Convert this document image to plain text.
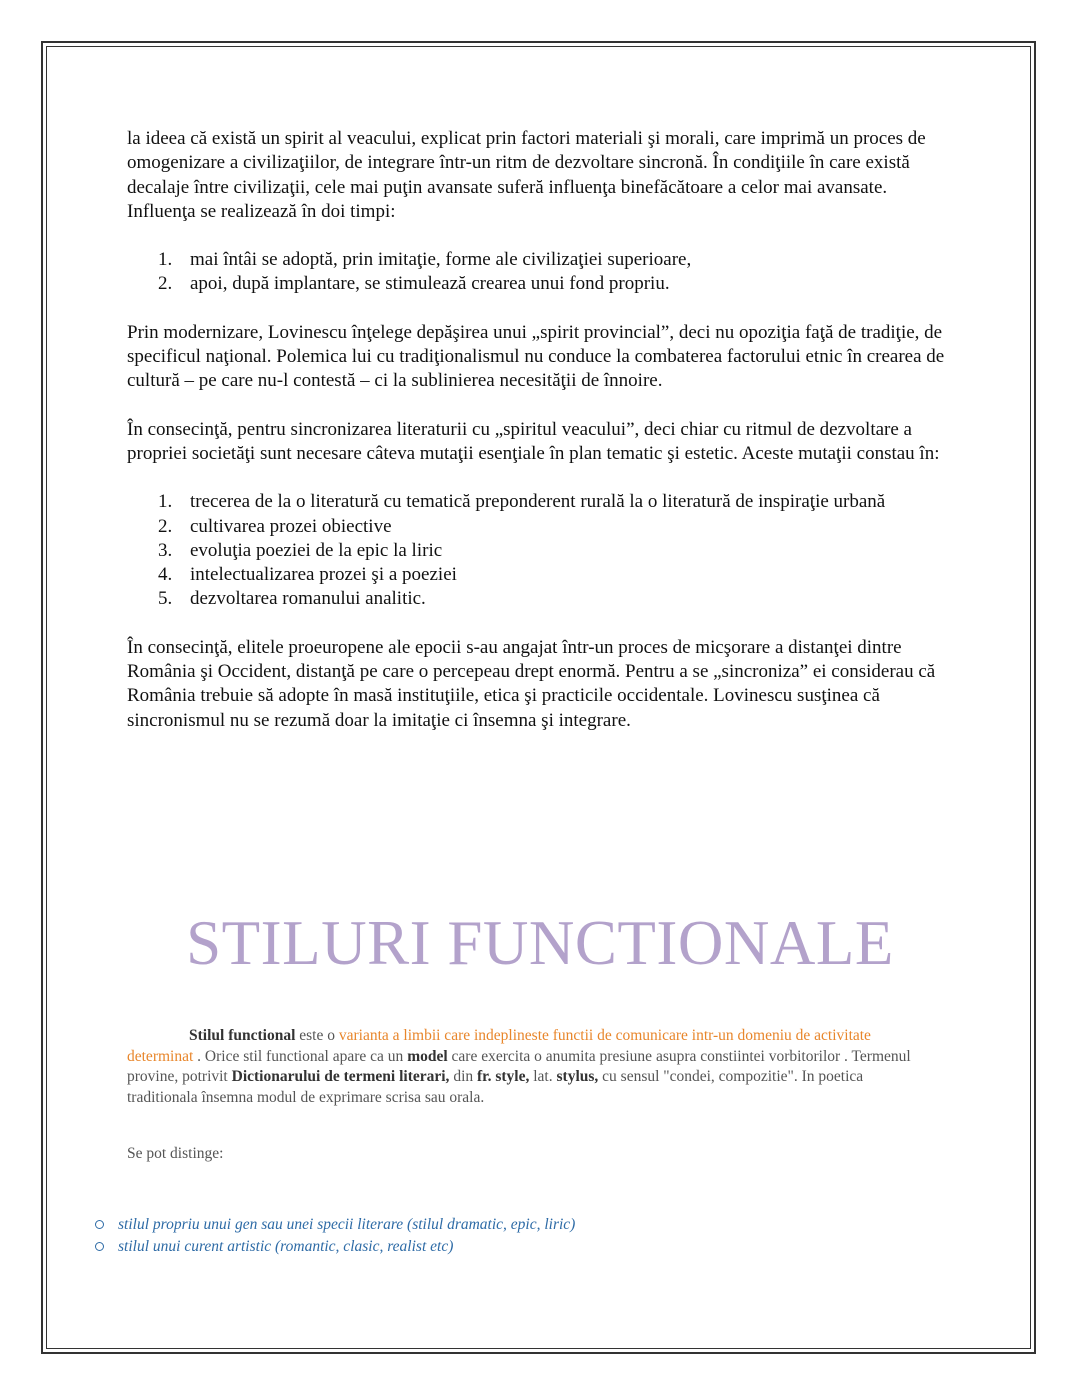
la ideea că există un spirit al veacului, explicat prin factori materiali şi morali, care imprimă un proces de omogenizare a civilizaţiilor, de integrare într-un ritm de dezvoltare sincronă. În condiţiile în care există decalaje între civilizaţii, cele mai puţin avansate suferă influenţa binefăcătoare a celor mai avansate.

Influenţa se realizează în doi timpi:

1. mai întâi se adoptă, prin imitaţie, forme ale civilizaţiei superioare,
2. apoi, după implantare, se stimulează crearea unui fond propriu.

Prin modernizare, Lovinescu înţelege depăşirea unui „spirit provincial”, deci nu opoziţia faţă de tradiţie, de specificul naţional. Polemica lui cu tradiţionalismul nu conduce la combaterea factorului etnic în crearea de cultură – pe care nu-l contestă – ci la sublinierea necesităţii de înnoire.

În consecinţă, pentru sincronizarea literaturii cu „spiritul veacului”, deci chiar cu ritmul de dezvoltare a propriei societăţi sunt necesare câteva mutaţii esenţiale în plan tematic şi estetic. Aceste mutaţii constau în:

1. trecerea de la o literatură cu tematică preponderent rurală la o literatură de inspiraţie urbană
2. cultivarea prozei obiective
3. evoluţia poeziei de la epic la liric
4. intelectualizarea prozei şi a poeziei
5. dezvoltarea romanului analitic.

În consecinţă, elitele proeuropene ale epocii s-au angajat într-un proces de micşorare a distanţei dintre România şi Occident, distanţă pe care o percepeau drept enormă. Pentru a se „sincroniza” ei considerau că România trebuie să adopte în masă instituţiile, etica şi practicile occidentale. Lovinescu susţinea că sincronismul nu se rezumă doar la imitaţie ci însemna şi integrare.

STILURI FUNCTIONALE
Stilul functional este o varianta a limbii care indeplineste functii de comunicare intr-un domeniu de activitate determinat . Orice stil functional apare ca un model care exercita o anumita presiune asupra constiintei vorbitorilor . Termenul provine, potrivit Dictionarului de termeni literari, din fr. style, lat. stylus, cu sensul "condei, compozitie". In poetica traditionala însemna modul de exprimare scrisa sau orala.
Se pot distinge:
stilul propriu unui gen sau unei specii literare (stilul dramatic, epic, liric)
stilul unui curent artistic (romantic, clasic, realist etc)
